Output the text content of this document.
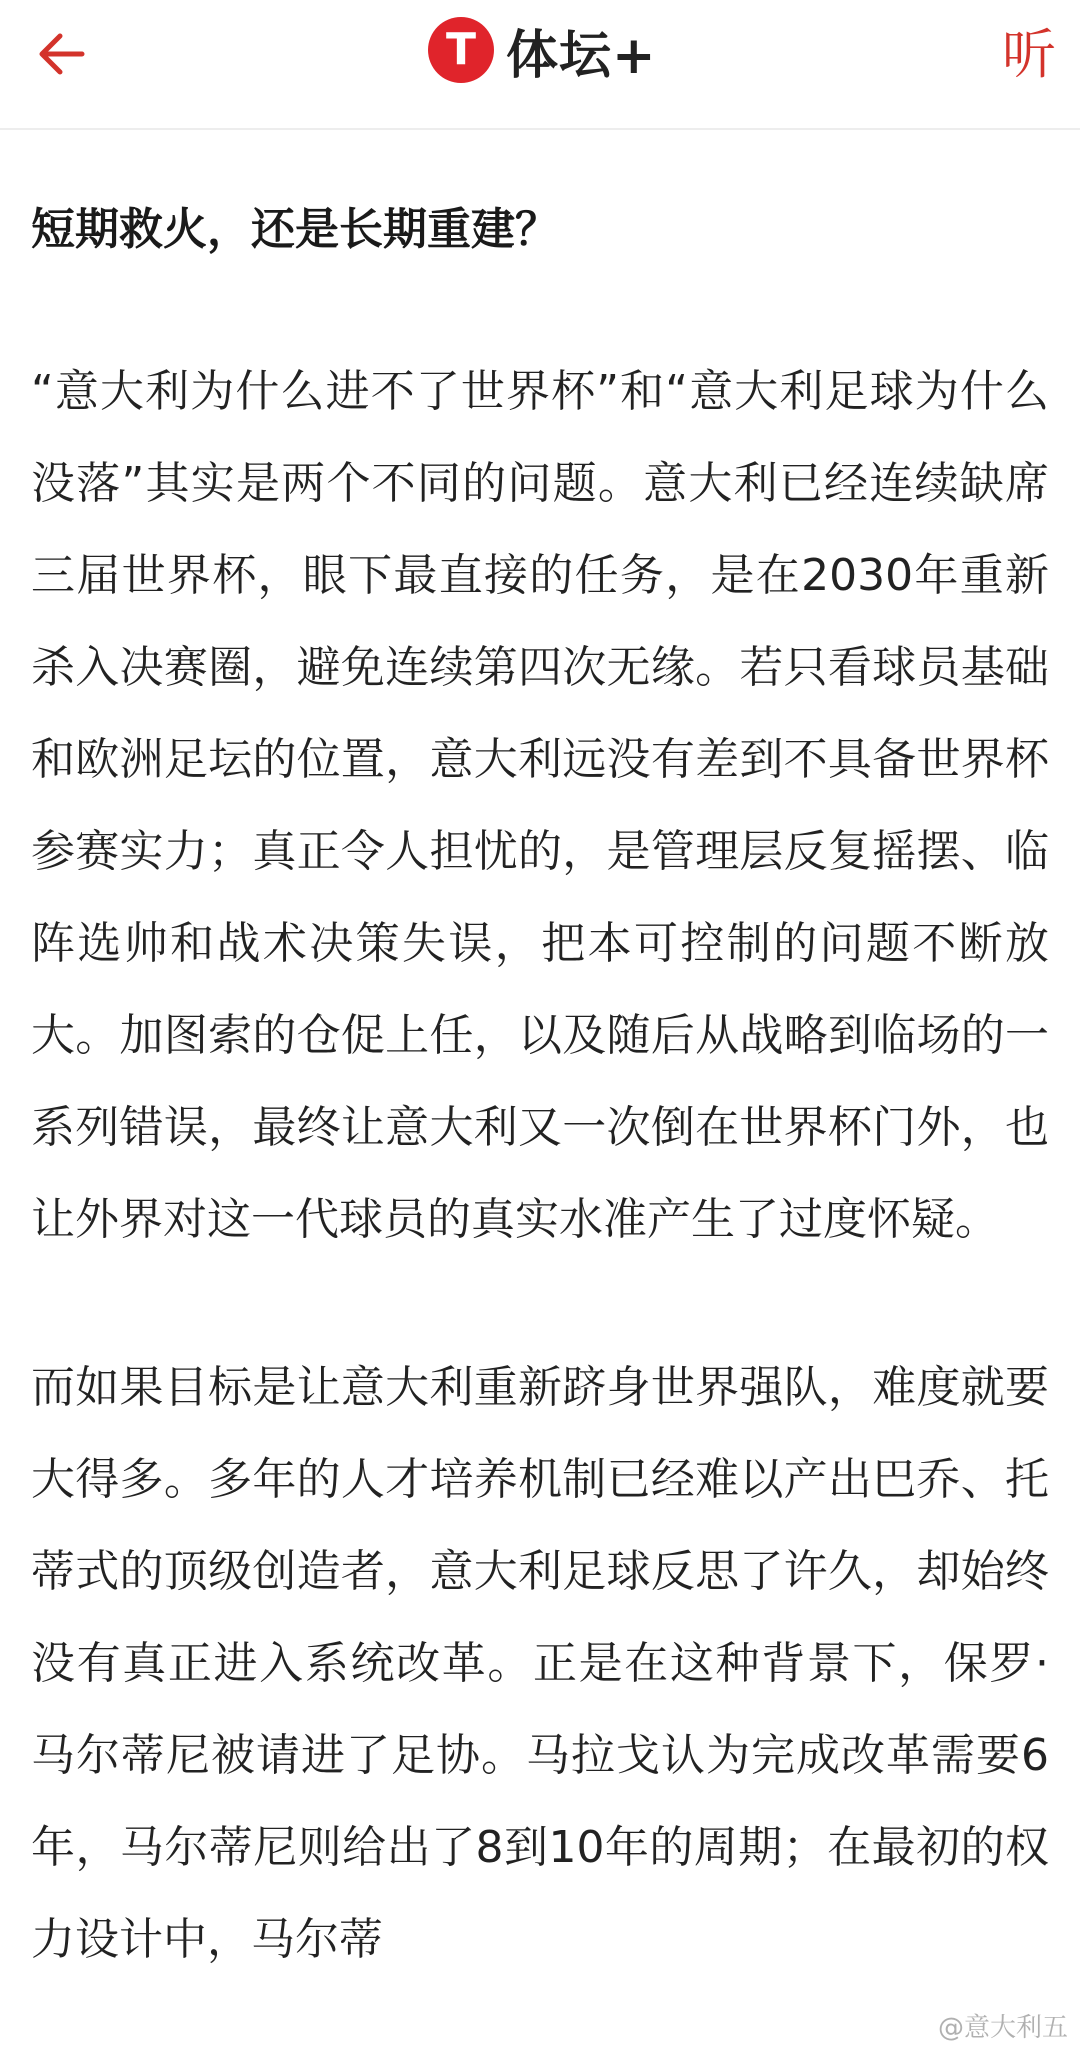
T 体坛+	听
短期救火，还是长期重建？

“意大利为什么进不了世界杯”和“意大利足球为什么没落”其实是两个不同的问题。意大利已经连续缺席三届世界杯，眼下最直接的任务，是在2030年重新杀入决赛圈，避免连续第四次无缘。若只看球员基础和欧洲足坛的位置，意大利远没有差到不具备世界杯参赛实力；真正令人担忧的，是管理层反复摇摆、临阵选帅和战术决策失误，把本可控制的问题不断放大。加图索的仓促上任，以及随后从战略到临场的一系列错误，最终让意大利又一次倒在世界杯门外，也让外界对这一代球员的真实水准产生了过度怀疑。

而如果目标是让意大利重新跻身世界强队，难度就要大得多。多年的人才培养机制已经难以产出巴乔、托蒂式的顶级创造者，意大利足球反思了许久，却始终没有真正进入系统改革。正是在这种背景下，保罗·马尔蒂尼被请进了足协。马拉戈认为完成改革需要6年，马尔蒂尼则给出了8到10年的周期；在最初的权力设计中，马尔蒂

@意大利五
